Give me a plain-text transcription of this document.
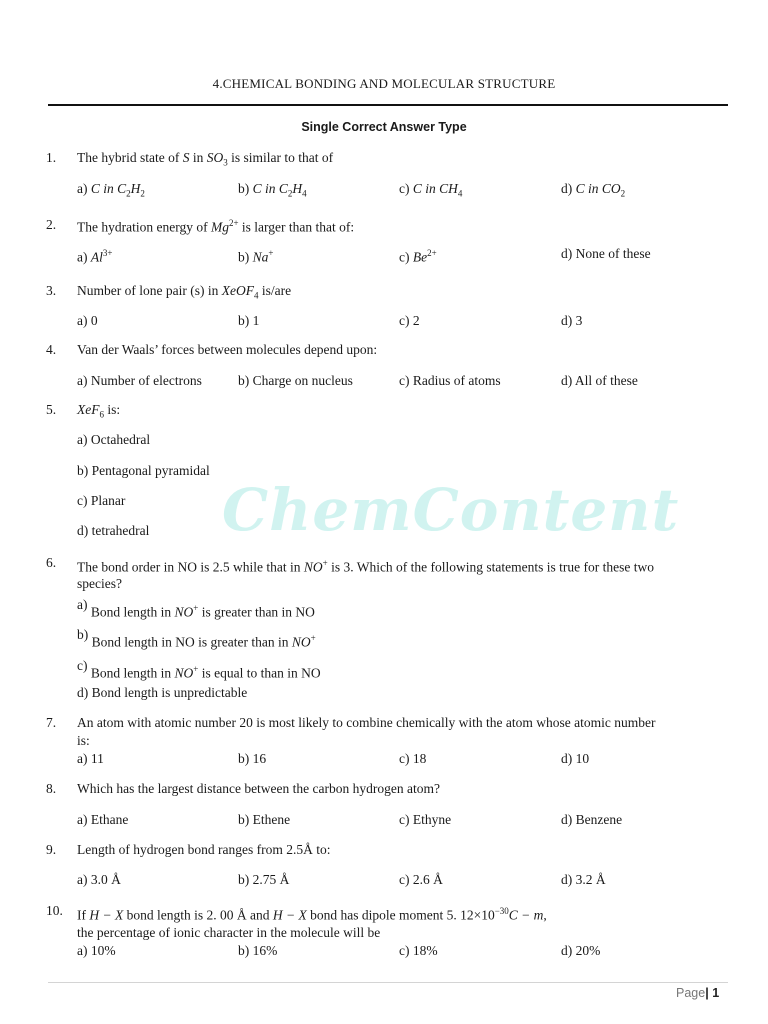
4.CHEMICAL BONDING AND MOLECULAR STRUCTURE
Single Correct Answer Type
ChemContent
1. The hybrid state of S in $SO_3$ is similar to that of
a) C in $C_2H_2$	b) C in $C_2H_4$	c) C in $CH_4$	d) C in $CO_2$
2. The hydration energy of $Mg^{2+}$ is larger than that of:
a) $Al^{3+}$	b) Na+	c) $Be^{2+}$	d) None of these
3. Number of lone pair (s) in XeOF$_4$ is/are
a) 0	b) 1	c) 2	d) 3
4. Van der Waals’ forces between molecules depend upon:
a) Number of electrons	b) Charge on nucleus	c) Radius of atoms	d) All of these
5. XeF$_6$ is:
a) Octahedral
b) Pentagonal pyramidal
c) Planar
d) tetrahedral
6. The bond order in NO is 2.5 while that in NO+ is 3. Which of the following statements is true for these two
species?
a) Bond length in NO+ is greater than in NO
b) Bond length in NO is greater than in NO+
c) Bond length in NO+ is equal to than in NO
d) Bond length is unpredictable
7. An atom with atomic number 20 is most likely to combine chemically with the atom whose atomic number
is:
a) 11	b) 16	c) 18	d) 10
8. Which has the largest distance between the carbon hydrogen atom?
a) Ethane	b) Ethene	c) Ethyne	d) Benzene
9. Length of hydrogen bond ranges from 2.5Å to:
a) 3.0 Å	b) 2.75 Å	c) 2.6 Å	d) 3.2 Å
10. If H − X bond length is 2. 00 Å and H − X bond has dipole moment 5. $12\times 10^{-30}C - m$,
the percentage of ionic character in the molecule will be
a) 10%	b) 16%	c) 18%	d) 20%
Page| 1
